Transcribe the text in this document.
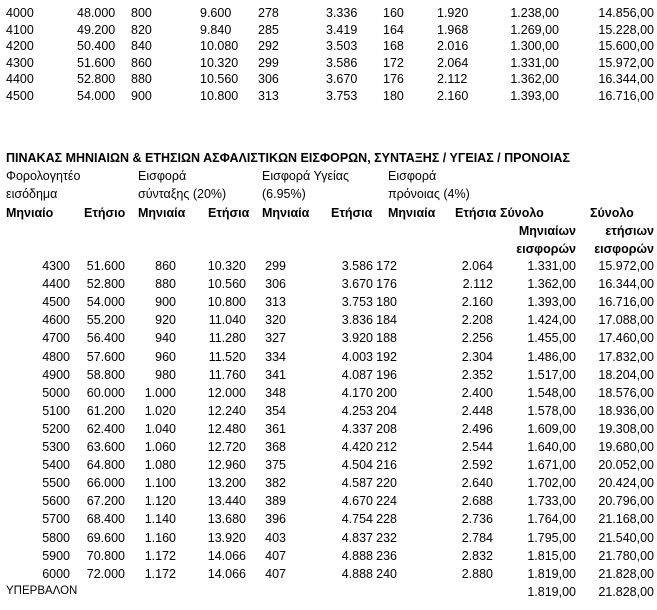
4000	48.000 800	9.600 278	3.336 160	1.920	1.238,00	14.856,00
4100	49.200 820	9.840 285	3.419 164	1.968	1.269,00	15.228,00
4200	50.400 840	10.080 292	3.503 168	2.016	1.300,00	15.600,00
4300	51.600 860	10.320 299	3.586 172	2.064	1.331,00	15.972,00
4400	52.800 880	10.560 306	3.670 176	2.112	1.362,00	16.344,00
4500	54.000 900	10.800 313	3.753 180	2.160	1.393,00	16.716,00
ΠΙΝΑΚΑΣ ΜΗΝΙΑΙΩΝ & ΕΤΗΣΙΩΝ ΑΣΦΑΛΙΣΤΙΚΩΝ ΕΙΣΦΟΡΩΝ, ΣΥΝΤΑΞΗΣ / ΥΓΕΙΑΣ / ΠΡΟΝΟΙΑΣ
Φορολογητέο
εισόδημα
Εισφορά
σύνταξης (20%)
Εισφορά Υγείας
(6.95%)
Εισφορά
πρόνοιας (4%)
Μηνιαίο Ετήσιο Μηνιαία Ετήσια Μηνιαία Ετήσια Μηνιαία Ετήσια Σύνολο
Μηνιαίων
εισφορών
Σύνολο
ετήσιων
εισφορών
4300	51.600	860	10.320	299	3.586 172	2.064	1.331,00	15.972,00
4400	52.800	880	10.560	306	3.670 176	2.112	1.362,00	16.344,00
4500	54.000	900	10.800	313	3.753 180	2.160	1.393,00	16.716,00
4600	55.200	920	11.040	320	3.836 184	2.208	1.424,00	17.088,00
4700	56.400	940	11.280	327	3.920 188	2.256	1.455,00	17.460,00
4800	57.600	960	11.520	334	4.003 192	2.304	1.486,00	17.832,00
4900	58.800	980	11.760	341	4.087 196	2.352	1.517,00	18.204,00
5000	60.000	1.000	12.000	348	4.170 200	2.400	1.548,00	18.576,00
5100	61.200	1.020	12.240	354	4.253 204	2.448	1.578,00	18.936,00
5200	62.400	1.040	12.480	361	4.337 208	2.496	1.609,00	19.308,00
5300	63.600	1.060	12.720	368	4.420 212	2.544	1.640,00	19.680,00
5400	64.800	1.080	12.960	375	4.504 216	2.592	1.671,00	20.052,00
5500	66.000	1.100	13.200	382	4.587 220	2.640	1.702,00	20.424,00
5600	67.200	1.120	13.440	389	4.670 224	2.688	1.733,00	20.796,00
5700	68.400	1.140	13.680	396	4.754 228	2.736	1.764,00	21.168,00
5800	69.600	1.160	13.920	403	4.837 232	2.784	1.795,00	21.540,00
5900	70.800	1.172	14.066	407	4.888 236	2.832	1.815,00	21.780,00
6000	72.000	1.172	14.066	407	4.888 240	2.880	1.819,00	21.828,00
ΥΠΕΡΒΑΛΟΝ	1.819,00	21.828,00
